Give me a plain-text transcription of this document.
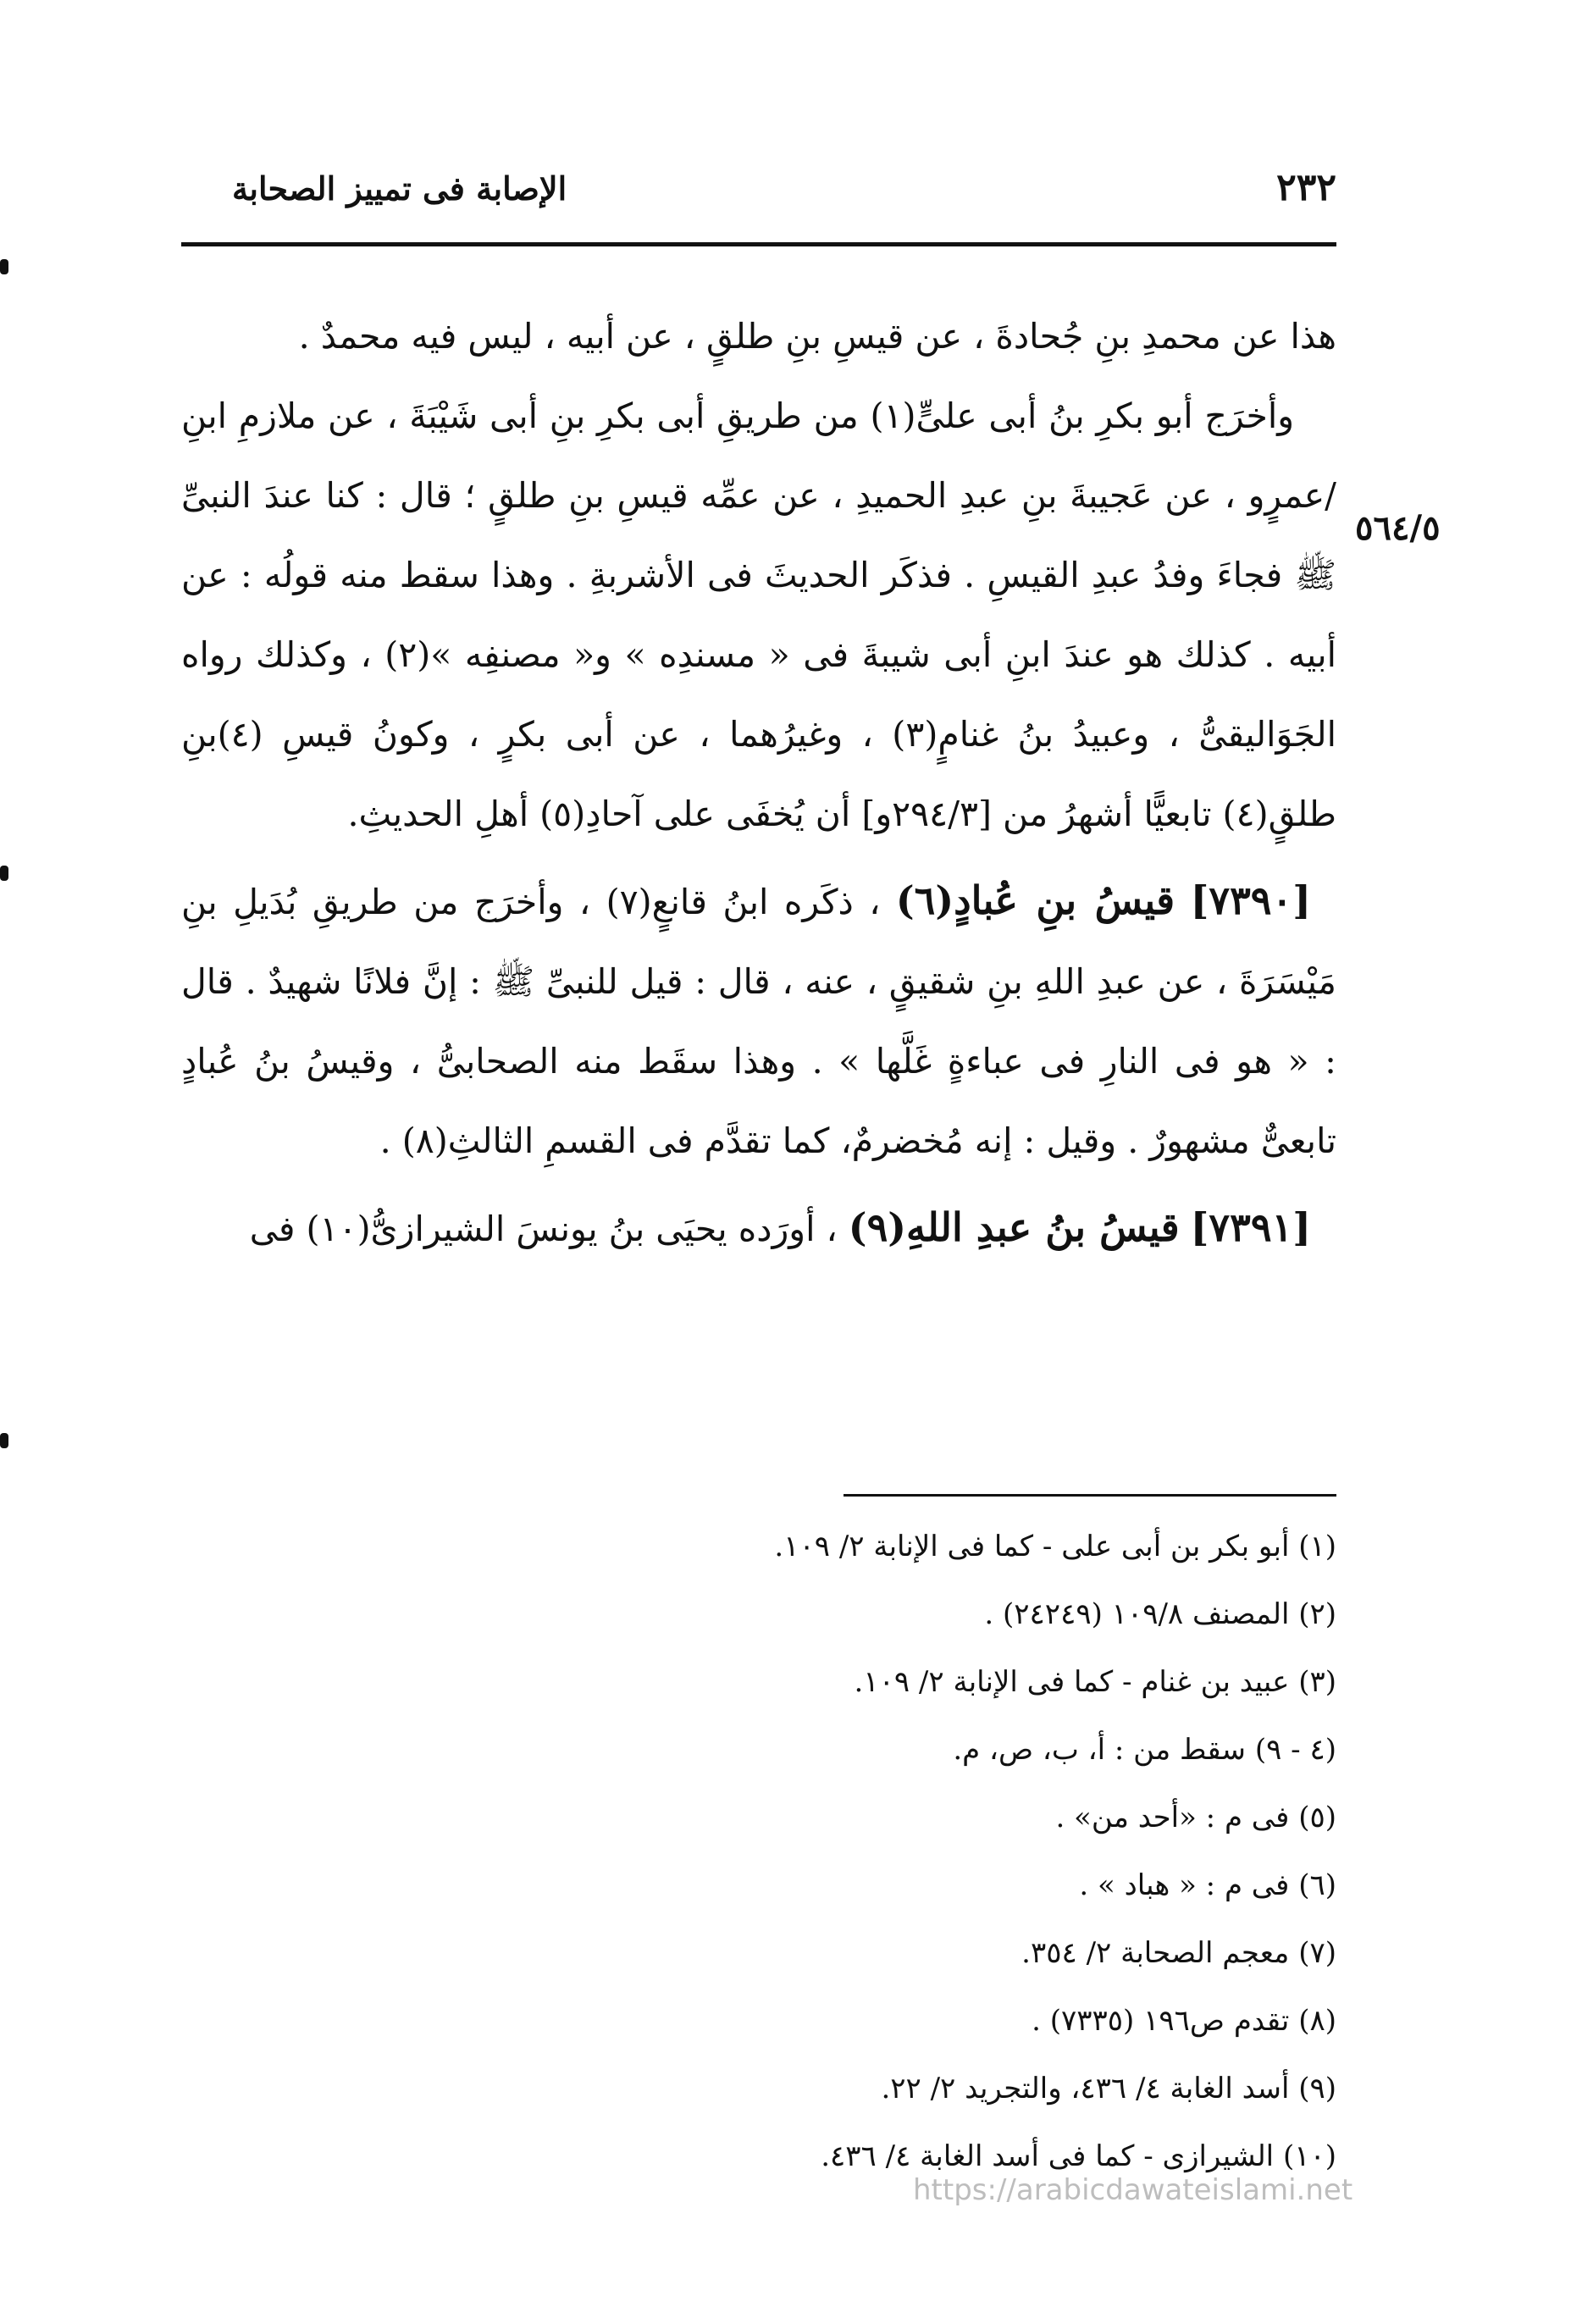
٢٣٢
الإصابة فى تمييز الصحابة
٥٦٤/٥

هذا عن محمدِ بنِ جُحادةَ ، عن قيسِ بنِ طلقٍ ، عن أبيه ، ليس فيه محمدٌ .

وأخرَج أبو بكرِ بنُ أبى علىٍّ(١) من طريقِ أبى بكرِ بنِ أبى شَيْبَةَ ، عن ملازمِ ابنِ /عمرٍو ، عن عَجيبةَ بنِ عبدِ الحميدِ ، عن عمِّه قيسِ بنِ طلقٍ ؛ قال : كنا عندَ النبىِّ ﷺ فجاءَ وفدُ عبدِ القيسِ . فذكَر الحديثَ فى الأشربةِ . وهذا سقط منه قولُه : عن أبيه . كذلك هو عندَ ابنِ أبى شيبةَ فى « مسندِه » و« مصنفِه »(٢) ، وكذلك رواه الجَوَاليقىُّ ، وعبيدُ بنُ غنامٍ(٣) ، وغيرُهما ، عن أبى بكرٍ ، وكونُ قيسِ (٤)بنِ طلقٍ(٤) تابعيًّا أشهرُ من [٢٩٤/٣و] أن يُخفَى على آحادِ(٥) أهلِ الحديثِ.

[٧٣٩٠] قيسُ بنِ عُبادٍ(٦) ، ذكَره ابنُ قانعٍ(٧) ، وأخرَج من طريقِ بُدَيلِ بنِ مَيْسَرَةَ ، عن عبدِ اللهِ بنِ شقيقٍ ، عنه ، قال : قيل للنبىِّ ﷺ : إنَّ فلانًا شهيدٌ . قال : « هو فى النارِ فى عباءةٍ غَلَّها » . وهذا سقَط منه الصحابىُّ ، وقيسُ بنُ عُبادٍ تابعىٌّ مشهورٌ . وقيل : إنه مُخضرمٌ، كما تقدَّم فى القسمِ الثالثِ(٨) .

[٧٣٩١] قيسُ بنُ عبدِ اللهِ(٩) ، أورَده يحيَى بنُ يونسَ الشيرازىُّ(١٠) فى

(١) أبو بكر بن أبى على - كما فى الإنابة ٢/ ١٠٩.

(٢) المصنف ١٠٩/٨ (٢٤٢٤٩) .

(٣) عبيد بن غنام - كما فى الإنابة ٢/ ١٠٩.

(٤ - ٩) سقط من : أ، ب، ص، م.

(٥) فى م : «أحد من» .

(٦) فى م : « هباد » .

(٧) معجم الصحابة ٢/ ٣٥٤.

(٨) تقدم ص١٩٦ (٧٣٣٥) .

(٩) أسد الغابة ٤/ ٤٣٦، والتجريد ٢/ ٢٢.

(١٠) الشيرازى - كما فى أسد الغابة ٤/ ٤٣٦.

https://arabicdawateislami.net
